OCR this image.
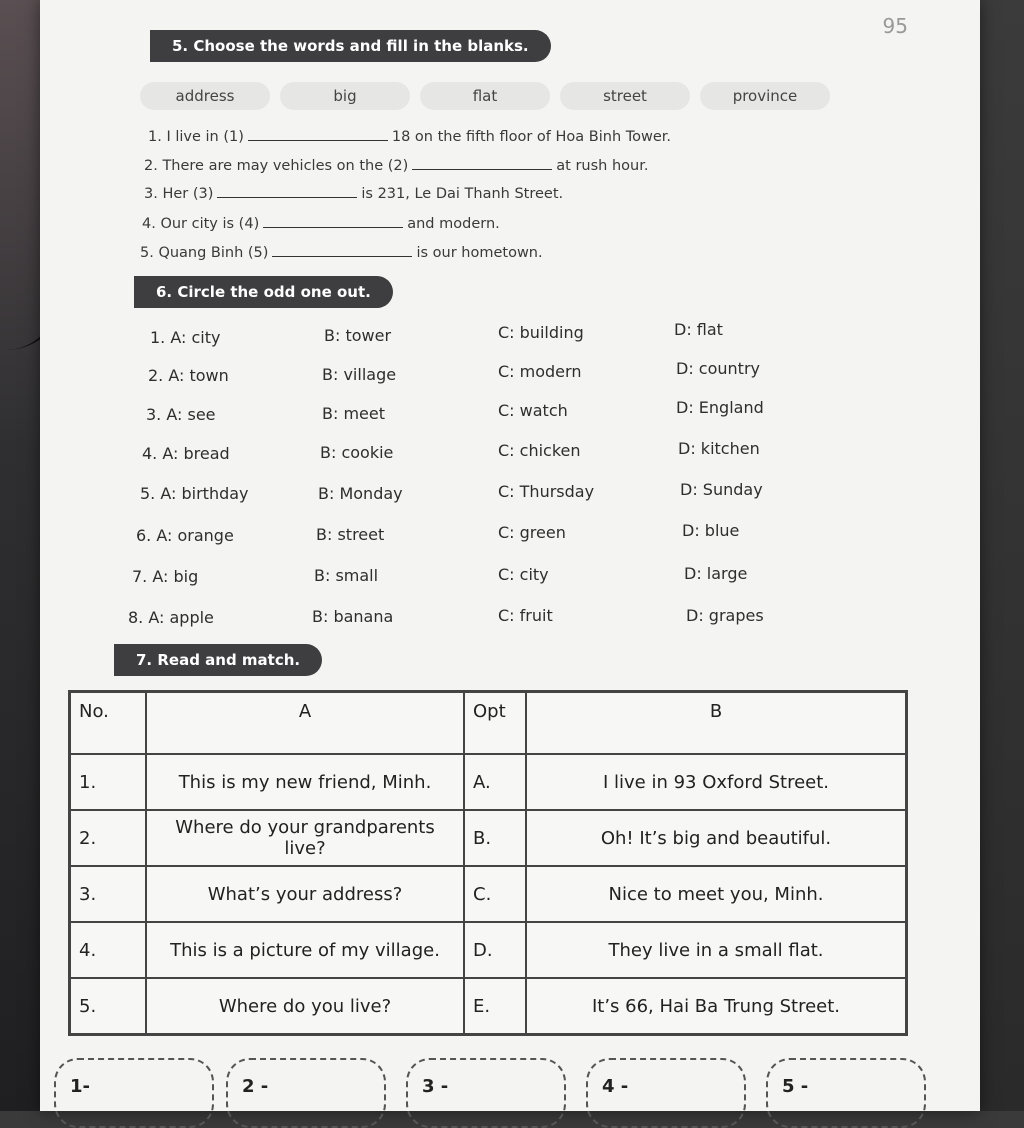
95
5. Choose the words and fill in the blanks.
address	big	flat	street	province
1. I live in (1)	18 on the fifth floor of Hoa Binh Tower.
2. There are may vehicles on the (2)	at rush hour.
3. Her (3)	is 231, Le Dai Thanh Street.
4. Our city is (4)	and modern.
5. Quang Binh (5)	is our hometown.
6. Circle the odd one out.
1. A: city	B: tower	C: building	D: flat
2. A: town	B: village	C: modern	D: country
3. A: see	B: meet	C: watch	D: England
4. A: bread	B: cookie	C: chicken	D: kitchen
5. A: birthday	B: Monday	C: Thursday	D: Sunday
6. A: orange	B: street	C: green	D: blue
7. A: big	B: small	C: city	D: large
8. A: apple	B: banana	C: fruit	D: grapes
7. Read and match.
No.	A	Opt	B
1.	This is my new friend, Minh.	A.	I live in 93 Oxford Street.
2.	Where do your grandparents live?	B.	Oh! It’s big and beautiful.
3.	What’s your address?	C.	Nice to meet you, Minh.
4.	This is a picture of my village.	D.	They live in a small flat.
5.	Where do you live?	E.	It’s 66, Hai Ba Trung Street.
1-	2 -	3 -	4 -	5 -
